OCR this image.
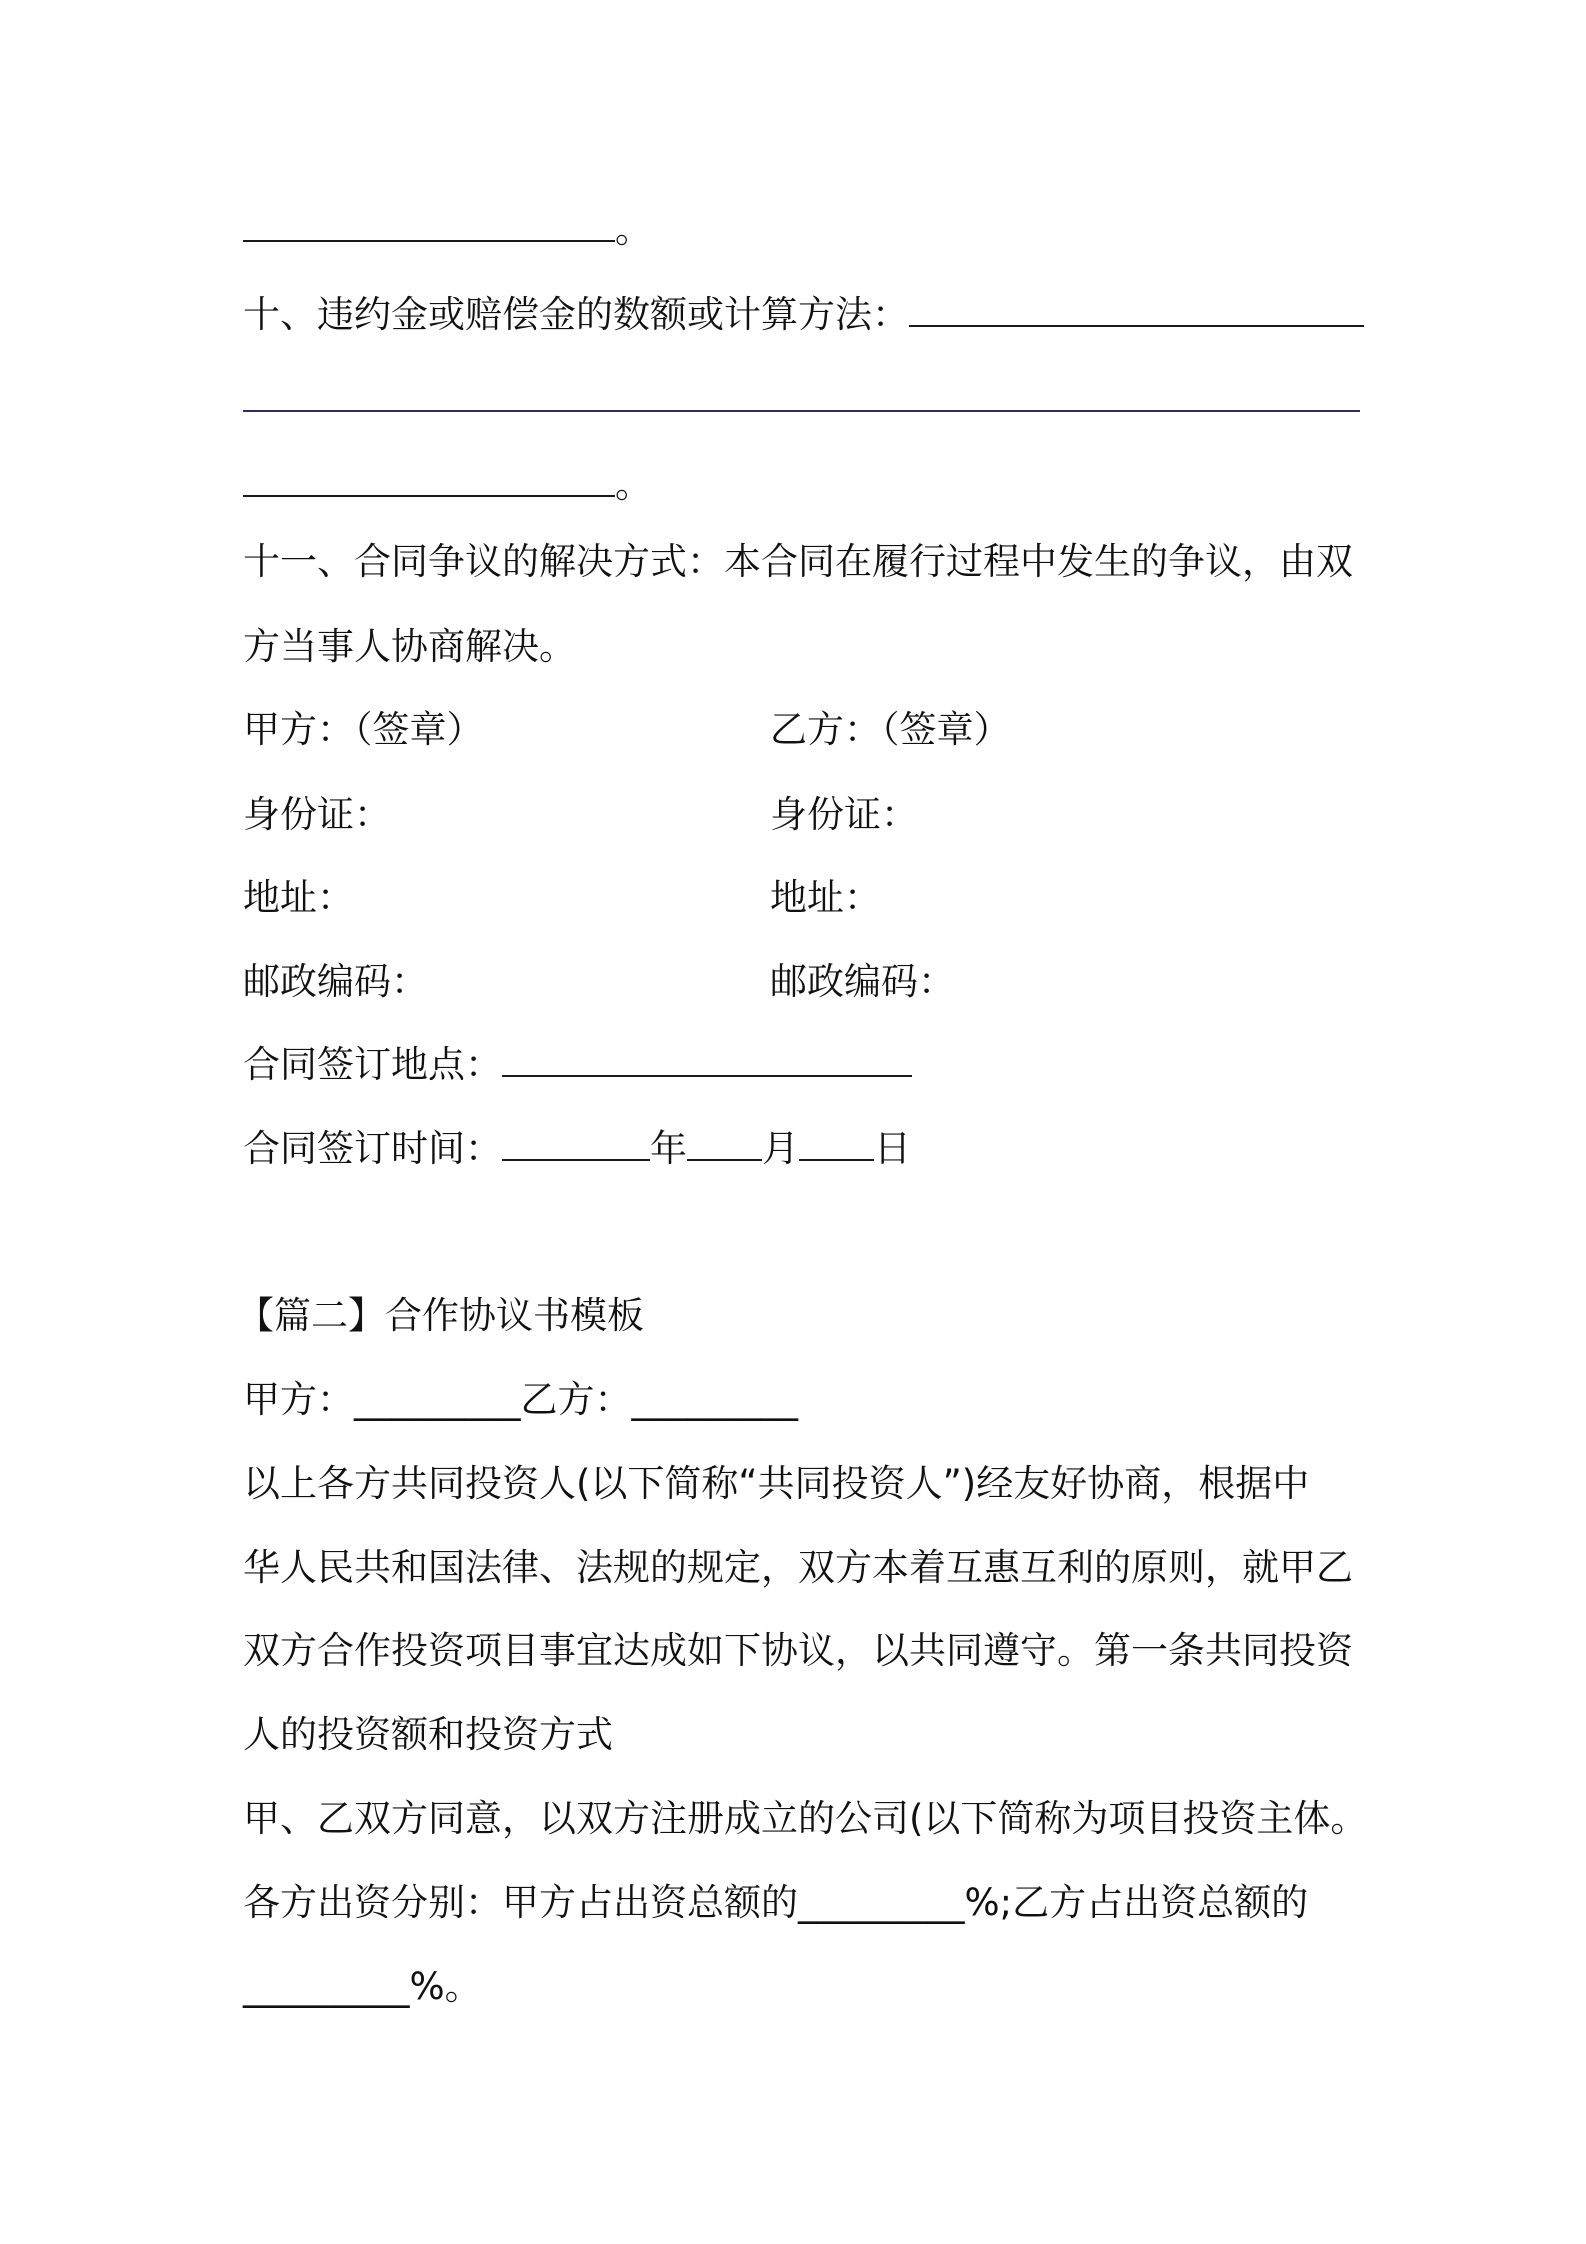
。
十、违约金或赔偿金的数额或计算方法：
。
十一、合同争议的解决方式：本合同在履行过程中发生的争议，由双
方当事人协商解决。
甲方：（签章）	乙方：（签章）
身份证：	身份证：
地址：	地址：
邮政编码：	邮政编码：
合同签订地点：
合同签订时间：	年 月 日
【篇二】合作协议书模板
甲方：_________乙方：_________
以上各方共同投资人(以下简称“共同投资人”)经友好协商，根据中
华人民共和国法律、法规的规定，双方本着互惠互利的原则，就甲乙
双方合作投资项目事宜达成如下协议，以共同遵守。第一条共同投资
人的投资额和投资方式
甲、乙双方同意，以双方注册成立的公司(以下简称为项目投资主体。
各方出资分别：甲方占出资总额的_________%;乙方占出资总额的
_________%。
